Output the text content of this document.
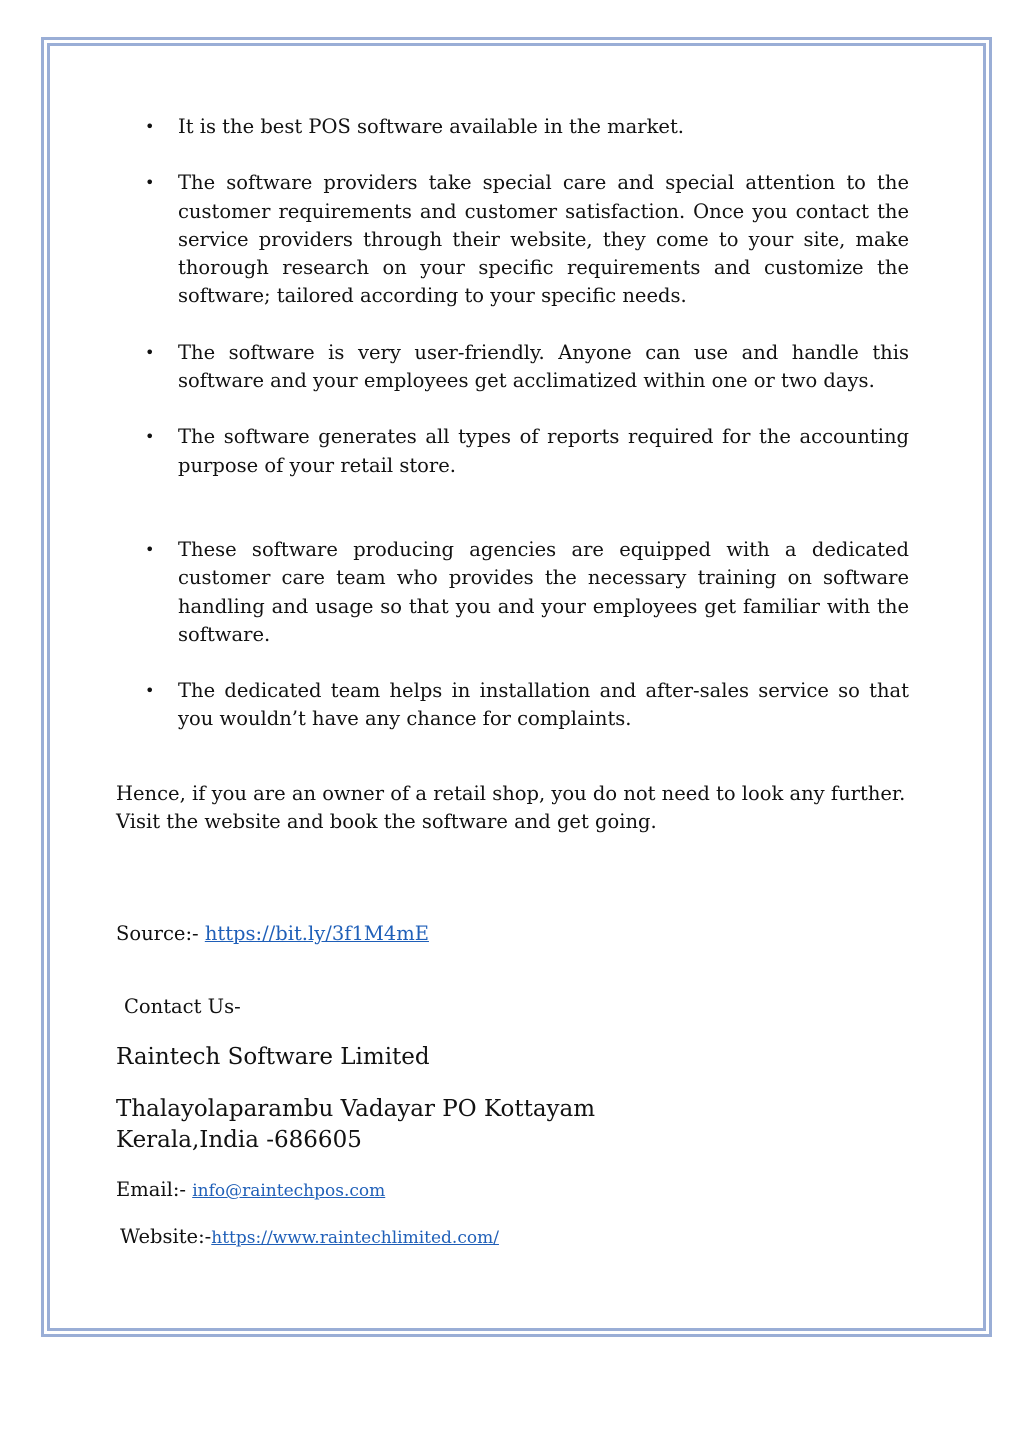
• It is the best POS software available in the market.
• The software providers take special care and special attention to the customer requirements and customer satisfaction. Once you contact the service providers through their website, they come to your site, make thorough research on your specific requirements and customize the software; tailored according to your specific needs.
• The software is very user-friendly. Anyone can use and handle this software and your employees get acclimatized within one or two days.
• The software generates all types of reports required for the accounting purpose of your retail store.
• These software producing agencies are equipped with a dedicated customer care team who provides the necessary training on software handling and usage so that you and your employees get familiar with the software.
• The dedicated team helps in installation and after-sales service so that you wouldn’t have any chance for complaints.

Hence, if you are an owner of a retail shop, you do not need to look any further. Visit the website and book the software and get going.

Source:- https://bit.ly/3f1M4mE
Contact Us-
Raintech Software Limited
Thalayolaparambu Vadayar PO Kottayam
Kerala,India -686605
Email:- info@raintechpos.com
Website:-https://www.raintechlimited.com/
